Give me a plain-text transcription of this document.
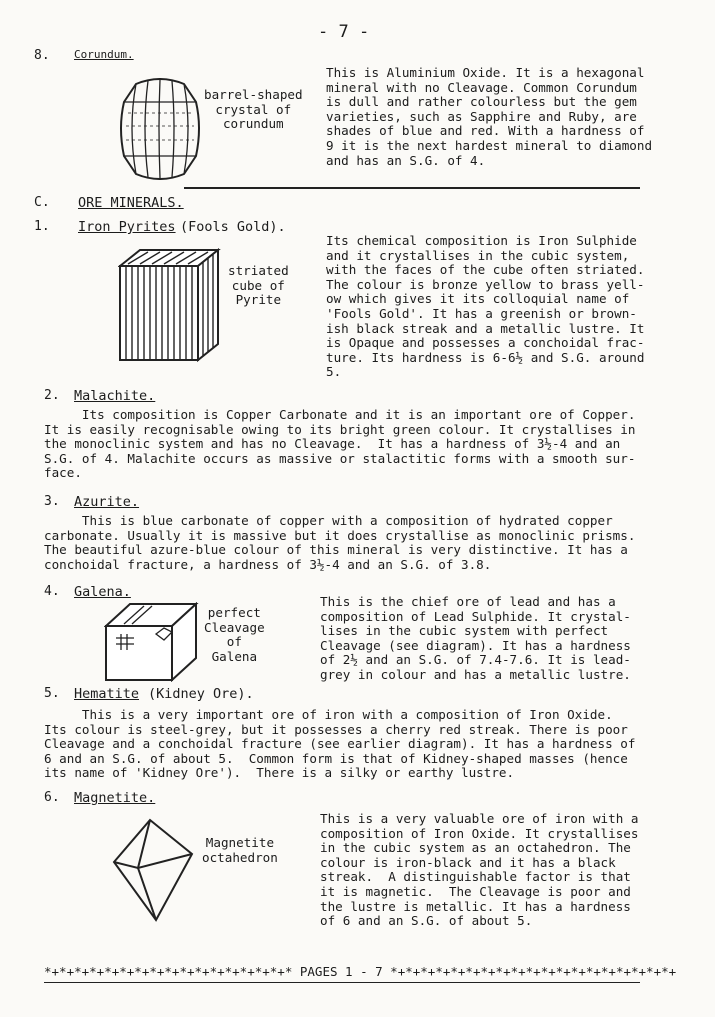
- 7 -
8. Corundum.
barrel-shaped
crystal of
corundum
This is Aluminium Oxide. It is a hexagonal
mineral with no Cleavage. Common Corundum
is dull and rather colourless but the gem
varieties, such as Sapphire and Ruby, are
shades of blue and red. With a hardness of
9 it is the next hardest mineral to diamond
and has an S.G. of 4.
C. ORE MINERALS.
1. Iron Pyrites (Fools Gold).
striated
cube of
Pyrite
Its chemical composition is Iron Sulphide
and it crystallises in the cubic system,
with the faces of the cube often striated.
The colour is bronze yellow to brass yell-
ow which gives it its colloquial name of
'Fools Gold'. It has a greenish or brown-
ish black streak and a metallic lustre. It
is Opaque and possesses a conchoidal frac-
ture. Its hardness is 6-6½ and S.G. around
5.
2. Malachite.
Its composition is Copper Carbonate and it is an important ore of Copper.
It is easily recognisable owing to its bright green colour. It crystallises in
the monoclinic system and has no Cleavage.  It has a hardness of 3½-4 and an
S.G. of 4. Malachite occurs as massive or stalactitic forms with a smooth sur-
face.
3. Azurite.
This is blue carbonate of copper with a composition of hydrated copper
carbonate. Usually it is massive but it does crystallise as monoclinic prisms.
The beautiful azure-blue colour of this mineral is very distinctive. It has a
conchoidal fracture, a hardness of 3½-4 and an S.G. of 3.8.
4. Galena.
perfect
Cleavage
of
Galena
This is the chief ore of lead and has a
composition of Lead Sulphide. It crystal-
lises in the cubic system with perfect
Cleavage (see diagram). It has a hardness
of 2½ and an S.G. of 7.4-7.6. It is lead-
grey in colour and has a metallic lustre.
5. Hematite (Kidney Ore).
This is a very important ore of iron with a composition of Iron Oxide.
Its colour is steel-grey, but it possesses a cherry red streak. There is poor
Cleavage and a conchoidal fracture (see earlier diagram). It has a hardness of
6 and an S.G. of about 5.  Common form is that of Kidney-shaped masses (hence
its name of 'Kidney Ore').  There is a silky or earthy lustre.
6. Magnetite.
Magnetite
octahedron
This is a very valuable ore of iron with a
composition of Iron Oxide. It crystallises
in the cubic system as an octahedron. The
colour is iron-black and it has a black
streak.  A distinguishable factor is that
it is magnetic.  The Cleavage is poor and
the lustre is metallic. It has a hardness
of 6 and an S.G. of about 5.
*+*+*+*+*+*+*+*+*+*+*+*+*+*+*+*+* PAGES 1 - 7 *+*+*+*+*+*+*+*+*+*+*+*+*+*+*+*+*+*+*+
